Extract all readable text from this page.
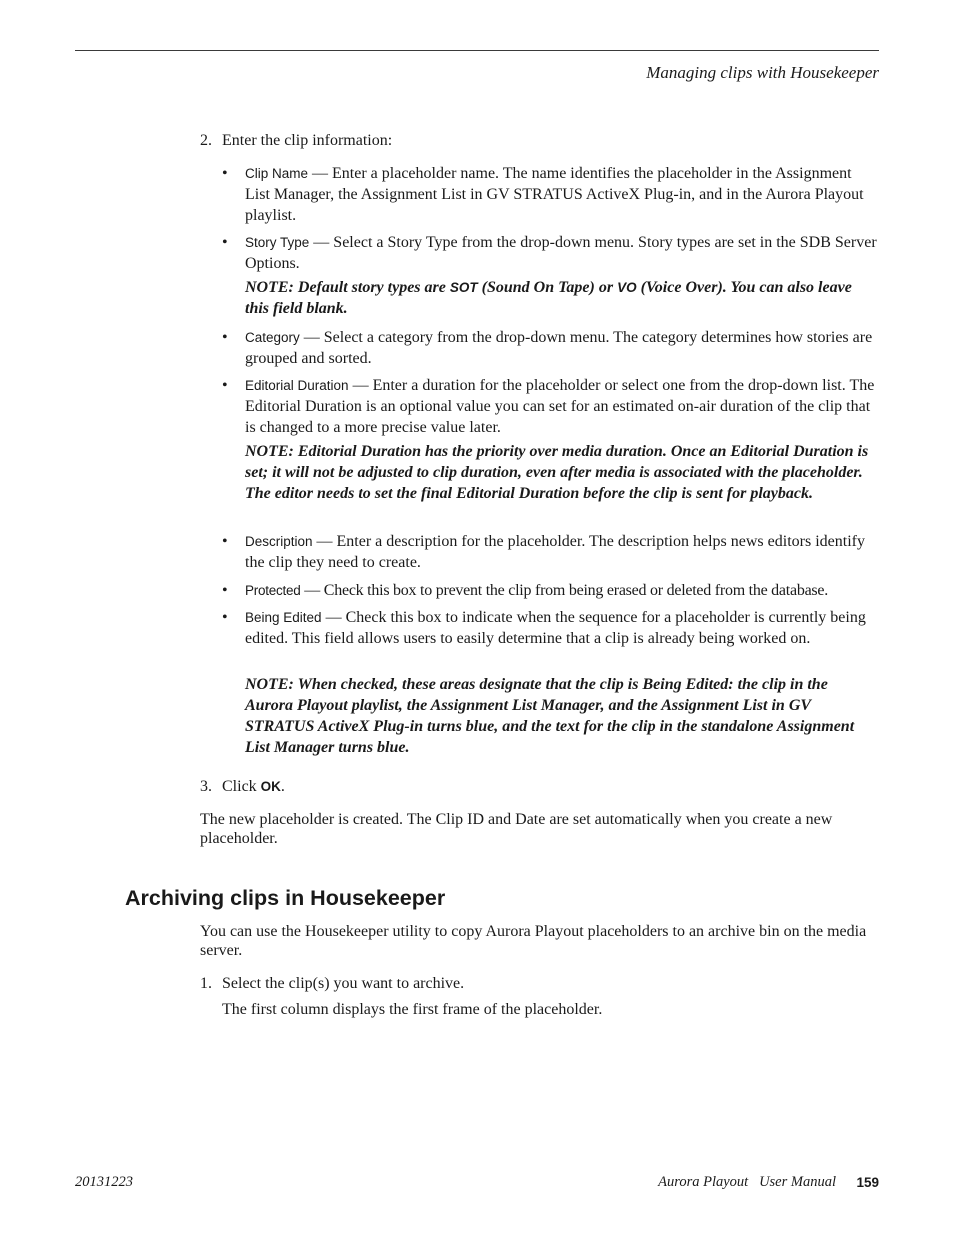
Managing clips with Housekeeper
2. Enter the clip information:
• Clip Name — Enter a placeholder name. The name identifies the placeholder in the Assignment List Manager, the Assignment List in GV STRATUS ActiveX Plug-in, and in the Aurora Playout playlist.
• Story Type — Select a Story Type from the drop-down menu. Story types are set in the SDB Server Options.
NOTE: Default story types are SOT (Sound On Tape) or VO (Voice Over). You can also leave this field blank.
• Category — Select a category from the drop-down menu. The category determines how stories are grouped and sorted.
• Editorial Duration — Enter a duration for the placeholder or select one from the drop-down list. The Editorial Duration is an optional value you can set for an estimated on-air duration of the clip that is changed to a more precise value later.
NOTE: Editorial Duration has the priority over media duration. Once an Editorial Duration is set; it will not be adjusted to clip duration, even after media is associated with the placeholder. The editor needs to set the final Editorial Duration before the clip is sent for playback.
• Description — Enter a description for the placeholder. The description helps news editors identify the clip they need to create.
• Protected — Check this box to prevent the clip from being erased or deleted from the database.
• Being Edited — Check this box to indicate when the sequence for a placeholder is currently being edited. This field allows users to easily determine that a clip is already being worked on.
NOTE: When checked, these areas designate that the clip is Being Edited: the clip in the Aurora Playout playlist, the Assignment List Manager, and the Assignment List in GV STRATUS ActiveX Plug-in turns blue, and the text for the clip in the standalone Assignment List Manager turns blue.
3. Click OK.
The new placeholder is created. The Clip ID and Date are set automatically when you create a new placeholder.
Archiving clips in Housekeeper
You can use the Housekeeper utility to copy Aurora Playout placeholders to an archive bin on the media server.
1. Select the clip(s) you want to archive.
The first column displays the first frame of the placeholder.
20131223	Aurora Playout   User Manual 159
